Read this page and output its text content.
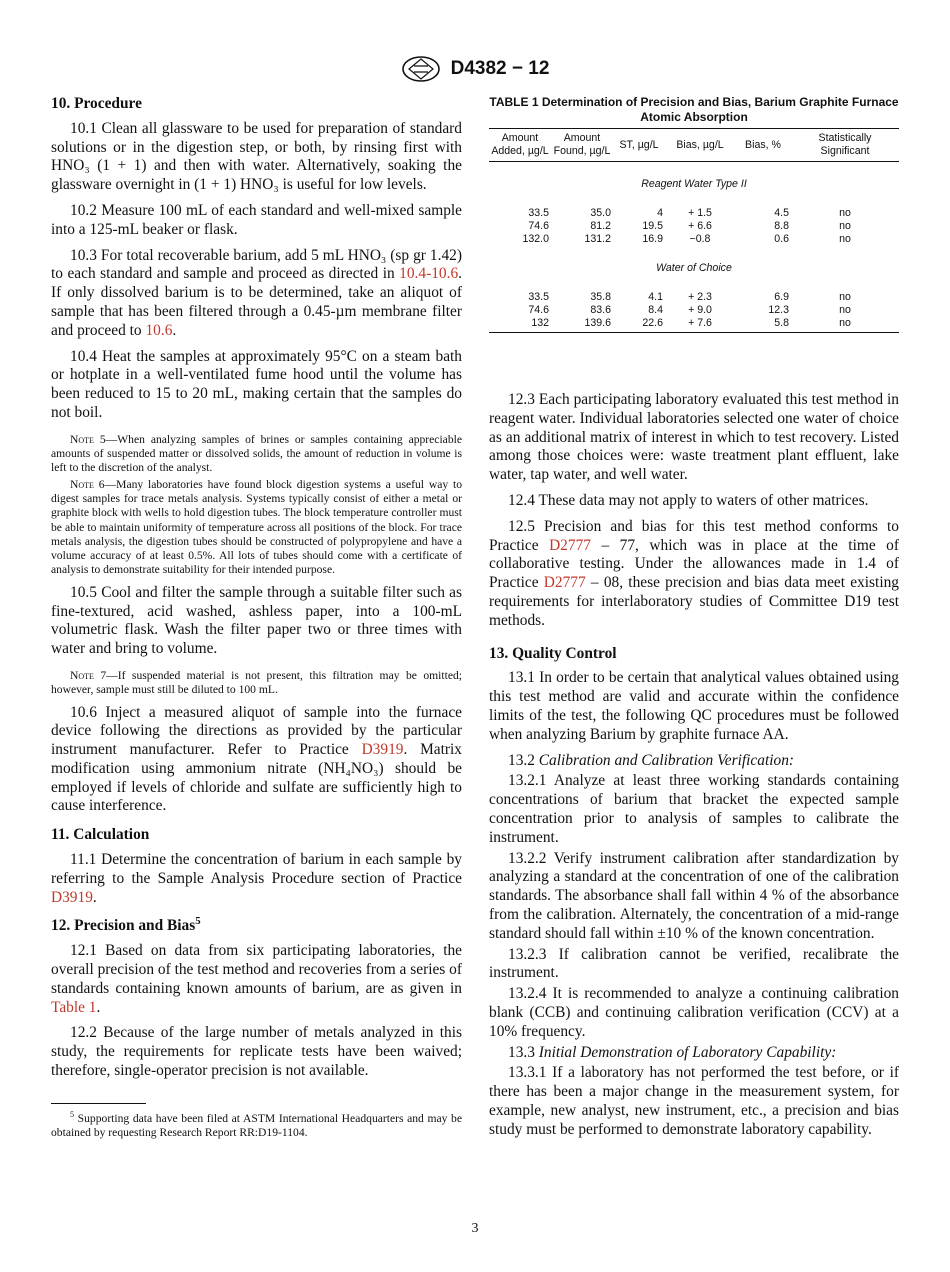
D4382 − 12
10. Procedure

10.1 Clean all glassware to be used for preparation of standard solutions or in the digestion step, or both, by rinsing first with HNO₃ (1 + 1) and then with water. Alternatively, soaking the glassware overnight in (1 + 1) HNO₃ is useful for low levels.

10.2 Measure 100 mL of each standard and well-mixed sample into a 125-mL beaker or flask.

10.3 For total recoverable barium, add 5 mL HNO₃ (sp gr 1.42) to each standard and sample and proceed as directed in 10.4-10.6. If only dissolved barium is to be determined, take an aliquot of sample that has been filtered through a 0.45-µm membrane filter and proceed to 10.6.

10.4 Heat the samples at approximately 95°C on a steam bath or hotplate in a well-ventilated fume hood until the volume has been reduced to 15 to 20 mL, making certain that the samples do not boil.

Note 5—When analyzing samples of brines or samples containing appreciable amounts of suspended matter or dissolved solids, the amount of reduction in volume is left to the discretion of the analyst.
Note 6—Many laboratories have found block digestion systems a useful way to digest samples for trace metals analysis. Systems typically consist of either a metal or graphite block with wells to hold digestion tubes. The block temperature controller must be able to maintain uniformity of temperature across all positions of the block. For trace metals analysis, the digestion tubes should be constructed of polypropylene and have a volume accuracy of at least 0.5%. All lots of tubes should come with a certificate of analysis to demonstrate suitability for their intended purpose.

10.5 Cool and filter the sample through a suitable filter such as fine-textured, acid washed, ashless paper, into a 100-mL volumetric flask. Wash the filter paper two or three times with water and bring to volume.

Note 7—If suspended material is not present, this filtration may be omitted; however, sample must still be diluted to 100 mL.

10.6 Inject a measured aliquot of sample into the furnace device following the directions as provided by the particular instrument manufacturer. Refer to Practice D3919. Matrix modification using ammonium nitrate (NH₄NO₃) should be employed if levels of chloride and sulfate are sufficiently high to cause interference.

11. Calculation

11.1 Determine the concentration of barium in each sample by referring to the Sample Analysis Procedure section of Practice D3919.

12. Precision and Bias$^5$

12.1 Based on data from six participating laboratories, the overall precision of the test method and recoveries from a series of standards containing known amounts of barium, are as given in Table 1.

12.2 Because of the large number of metals analyzed in this study, the requirements for replicate tests have been waived; therefore, single-operator precision is not available.

$^5$ Supporting data have been filed at ASTM International Headquarters and may be obtained by requesting Research Report RR:D19-1104.
TABLE 1 Determination of Precision and Bias, Barium Graphite Furnace Atomic Absorption
Amount Added, µg/L	Amount Found, µg/L	ST, µg/L	Bias, µg/L	Bias, %	Statistically Significant
Reagent Water Type II					
33.5	35.0	4	+ 1.5	4.5	no
74.6	81.2	19.5	+ 6.6	8.8	no
132.0	131.2	16.9	−0.8	0.6	no
Water of Choice					
33.5	35.8	4.1	+ 2.3	6.9	no
74.6	83.6	8.4	+ 9.0	12.3	no
132	139.6	22.6	+ 7.6	5.8	no

12.3 Each participating laboratory evaluated this test method in reagent water. Individual laboratories selected one water of choice as an additional matrix of interest in which to test recovery. Listed among those choices were: waste treatment plant effluent, lake water, tap water, and well water.

12.4 These data may not apply to waters of other matrices.

12.5 Precision and bias for this test method conforms to Practice D2777 – 77, which was in place at the time of collaborative testing. Under the allowances made in 1.4 of Practice D2777 – 08, these precision and bias data meet existing requirements for interlaboratory studies of Committee D19 test methods.

13. Quality Control

13.1 In order to be certain that analytical values obtained using this test method are valid and accurate within the confidence limits of the test, the following QC procedures must be followed when analyzing Barium by graphite furnace AA.

13.2 Calibration and Calibration Verification:

13.2.1 Analyze at least three working standards containing concentrations of barium that bracket the expected sample concentration prior to analysis of samples to calibrate the instrument.

13.2.2 Verify instrument calibration after standardization by analyzing a standard at the concentration of one of the calibration standards. The absorbance shall fall within 4 % of the absorbance from the calibration. Alternately, the concentration of a mid-range standard should fall within ±10 % of the known concentration.

13.2.3 If calibration cannot be verified, recalibrate the instrument.

13.2.4 It is recommended to analyze a continuing calibration blank (CCB) and continuing calibration verification (CCV) at a 10% frequency.

13.3 Initial Demonstration of Laboratory Capability:

13.3.1 If a laboratory has not performed the test before, or if there has been a major change in the measurement system, for example, new analyst, new instrument, etc., a precision and bias study must be performed to demonstrate laboratory capability.

3
